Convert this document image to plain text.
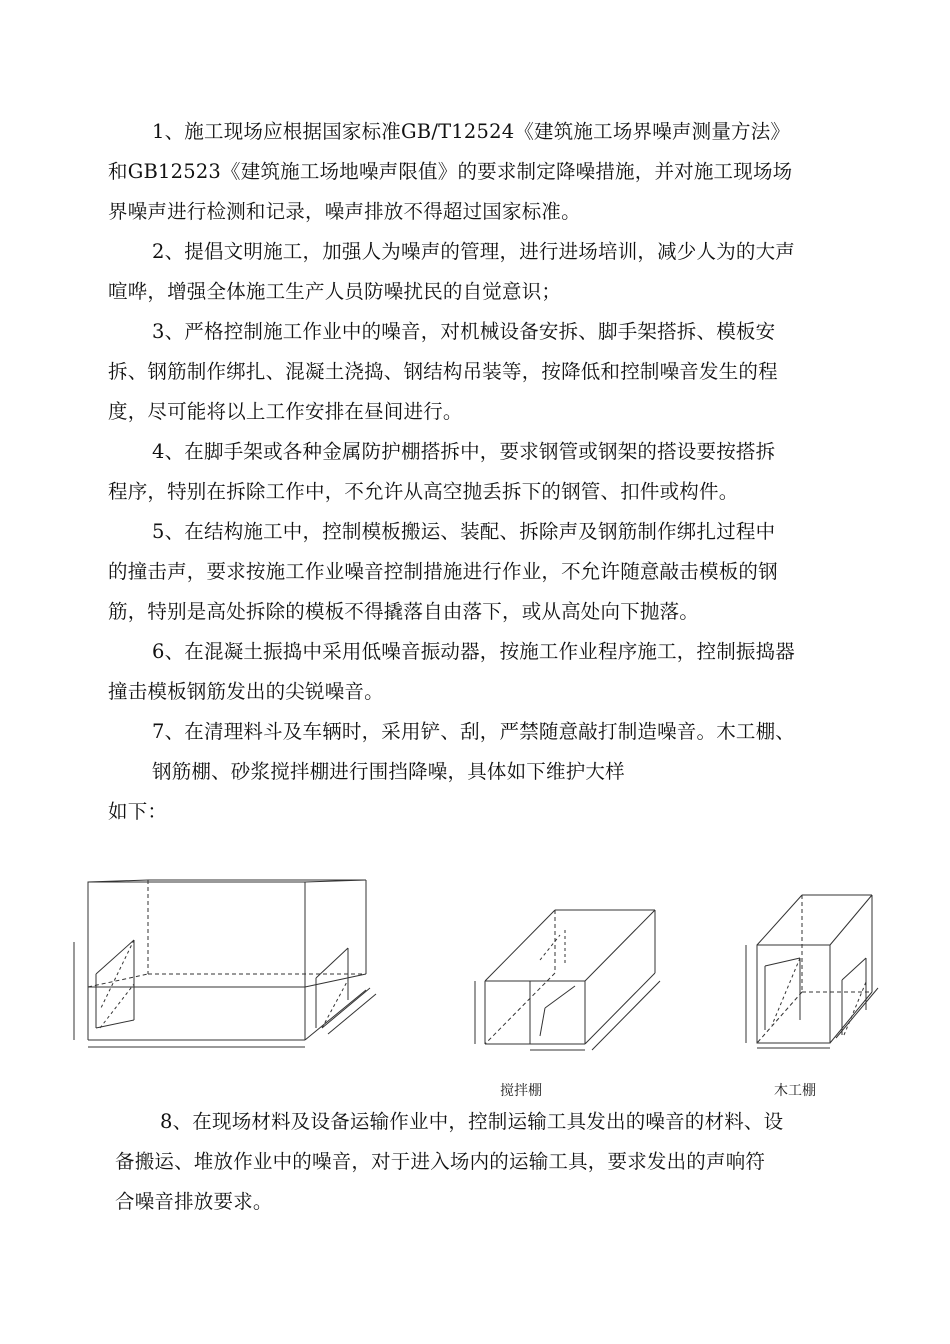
1、施工现场应根据国家标准GB/T12524《建筑施工场界噪声测量方法》
和GB12523《建筑施工场地噪声限值》的要求制定降噪措施，并对施工现场场
界噪声进行检测和记录，噪声排放不得超过国家标准。
2、提倡文明施工，加强人为噪声的管理，进行进场培训，减少人为的大声
喧哗，增强全体施工生产人员防噪扰民的自觉意识；
3、严格控制施工作业中的噪音，对机械设备安拆、脚手架搭拆、模板安
拆、钢筋制作绑扎、混凝土浇捣、钢结构吊装等，按降低和控制噪音发生的程
度，尽可能将以上工作安排在昼间进行。
4、在脚手架或各种金属防护棚搭拆中，要求钢管或钢架的搭设要按搭拆
程序，特别在拆除工作中，不允许从高空抛丢拆下的钢管、扣件或构件。
5、在结构施工中，控制模板搬运、装配、拆除声及钢筋制作绑扎过程中
的撞击声，要求按施工作业噪音控制措施进行作业，不允许随意敲击模板的钢
筋，特别是高处拆除的模板不得撬落自由落下，或从高处向下抛落。
6、在混凝土振捣中采用低噪音振动器，按施工作业程序施工，控制振捣器
撞击模板钢筋发出的尖锐噪音。
7、在清理料斗及车辆时，采用铲、刮，严禁随意敲打制造噪音。木工棚、
钢筋棚、砂浆搅拌棚进行围挡降噪，具体如下维护大样
如下：
搅拌棚	木工棚
8、在现场材料及设备运输作业中，控制运输工具发出的噪音的材料、设
备搬运、堆放作业中的噪音，对于进入场内的运输工具，要求发出的声响符
合噪音排放要求。
